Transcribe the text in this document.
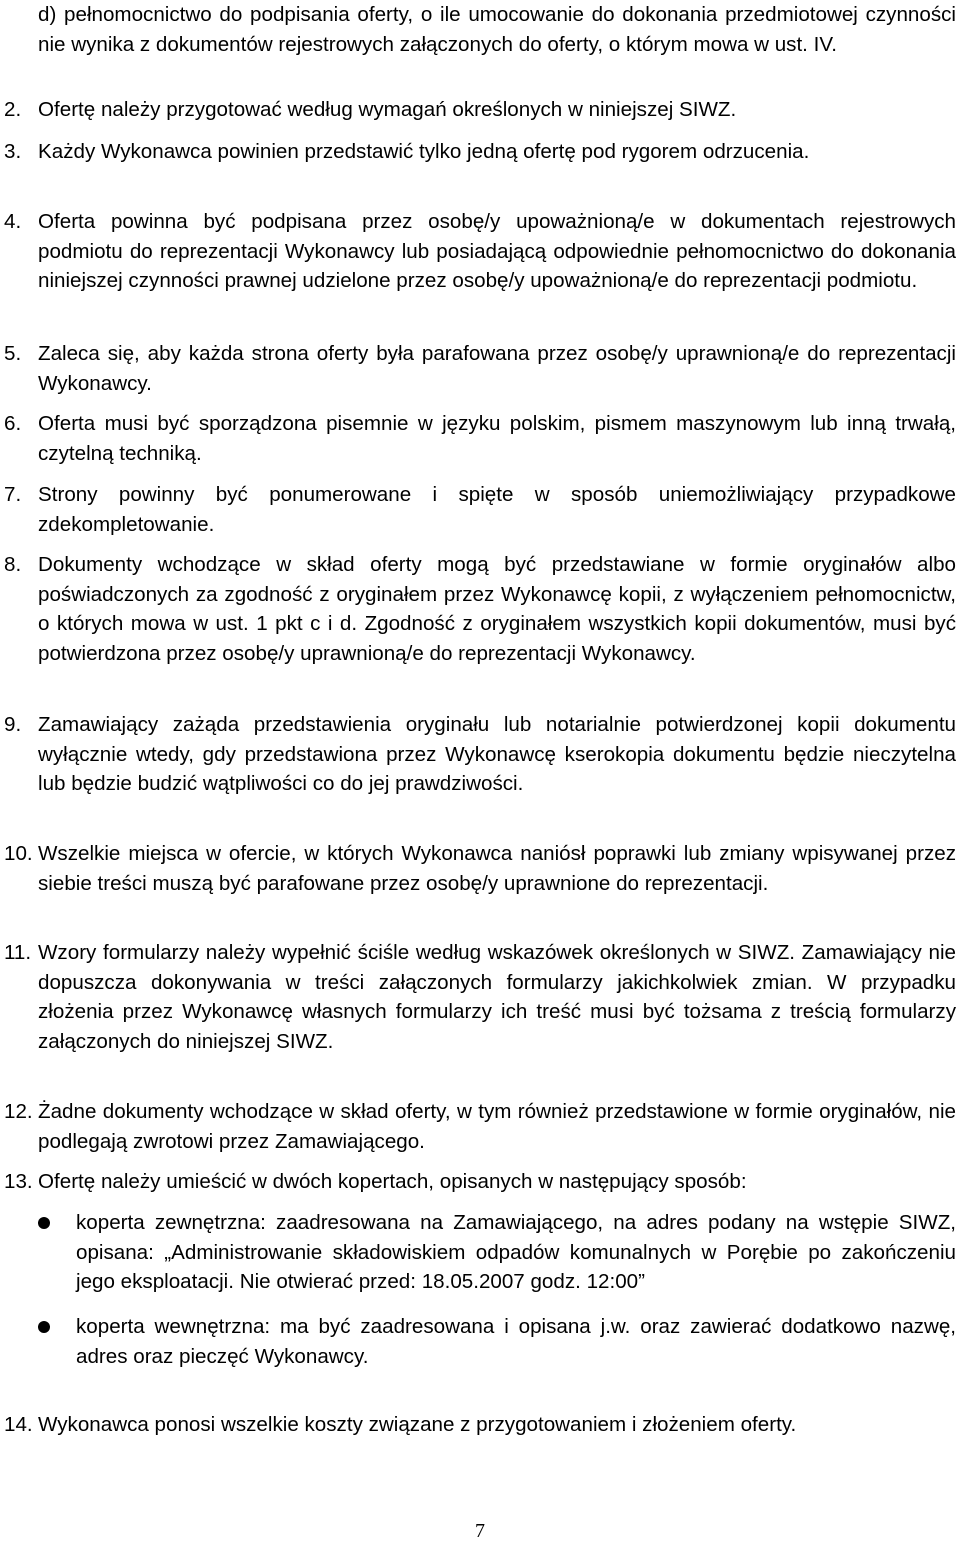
d) pełnomocnictwo do podpisania oferty, o ile umocowanie do dokonania przedmiotowej czynności nie wynika z dokumentów rejestrowych załączonych do oferty, o którym mowa w ust. IV.
2. Ofertę należy przygotować według wymagań określonych w niniejszej SIWZ.
3. Każdy Wykonawca powinien przedstawić tylko jedną ofertę pod rygorem odrzucenia.
4. Oferta powinna być podpisana przez osobę/y upoważnioną/e w dokumentach rejestrowych podmiotu do reprezentacji Wykonawcy lub posiadającą odpowiednie pełnomocnictwo do dokonania niniejszej czynności prawnej udzielone przez osobę/y upoważnioną/e do reprezentacji podmiotu.
5. Zaleca się, aby każda strona oferty była parafowana przez osobę/y uprawnioną/e do reprezentacji Wykonawcy.
6. Oferta musi być sporządzona pisemnie w języku polskim, pismem maszynowym lub inną trwałą, czytelną techniką.
7. Strony powinny być ponumerowane i spięte w sposób uniemożliwiający przypadkowe zdekompletowanie.
8. Dokumenty wchodzące w skład oferty mogą być przedstawiane w formie oryginałów albo poświadczonych za zgodność z oryginałem przez Wykonawcę kopii, z wyłączeniem pełnomocnictw, o których mowa w ust. 1 pkt c i d. Zgodność z oryginałem wszystkich kopii dokumentów, musi być potwierdzona przez osobę/y uprawnioną/e do reprezentacji Wykonawcy.
9. Zamawiający zażąda przedstawienia oryginału lub notarialnie potwierdzonej kopii dokumentu wyłącznie wtedy, gdy przedstawiona przez Wykonawcę kserokopia dokumentu będzie nieczytelna lub będzie budzić wątpliwości co do jej prawdziwości.
10. Wszelkie miejsca w ofercie, w których Wykonawca naniósł poprawki lub zmiany wpisywanej przez siebie treści muszą być parafowane przez osobę/y uprawnione do reprezentacji.
11. Wzory formularzy należy wypełnić ściśle według wskazówek określonych w SIWZ. Zamawiający nie dopuszcza dokonywania w treści załączonych formularzy jakichkolwiek zmian. W przypadku złożenia przez Wykonawcę własnych formularzy ich treść musi być tożsama z treścią formularzy załączonych do niniejszej SIWZ.
12. Żadne dokumenty wchodzące w skład oferty, w tym również przedstawione w formie oryginałów, nie podlegają zwrotowi przez Zamawiającego.
13. Ofertę należy umieścić w dwóch kopertach, opisanych w następujący sposób:
koperta zewnętrzna: zaadresowana na Zamawiającego, na adres podany na wstępie SIWZ, opisana: „Administrowanie składowiskiem odpadów komunalnych w Porębie po zakończeniu jego eksploatacji. Nie otwierać przed: 18.05.2007 godz. 12:00”
koperta wewnętrzna: ma być zaadresowana i opisana j.w. oraz zawierać dodatkowo nazwę, adres oraz pieczęć Wykonawcy.
14. Wykonawca ponosi wszelkie koszty związane z przygotowaniem i złożeniem oferty.
7
